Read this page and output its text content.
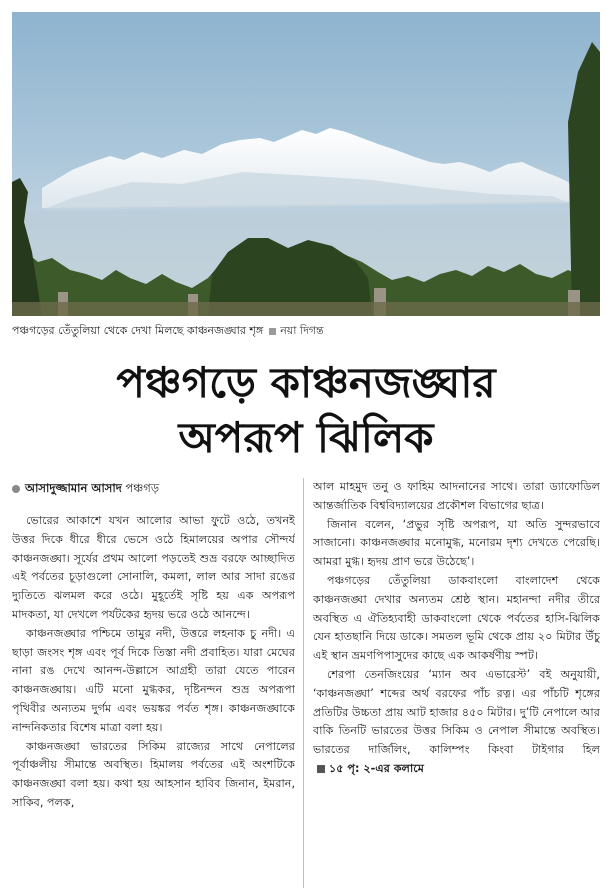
পঞ্চগড়ের তেঁতুলিয়া থেকে দেখা মিলছে কাঞ্চনজঙ্ঘার শৃঙ্গ নয়া দিগন্ত
পঞ্চগড়ে কাঞ্চনজঙ্ঘার
অপরূপ ঝিলিক
আসাদুজ্জামান আসাদ পঞ্চগড়

ভোরের আকাশে যখন আলোর আভা ফুটে ওঠে, তখনই উত্তর দিকে ধীরে ধীরে ভেসে ওঠে হিমালয়ের অপার সৌন্দর্য কাঞ্চনজঙ্ঘা। সূর্যের প্রথম আলো পড়তেই শুভ্র বরফে আচ্ছাদিত এই পর্বতের চূড়াগুলো সোনালি, কমলা, লাল আর সাদা রঙের দ্যুতিতে ঝলমল করে ওঠে। মুহূর্তেই সৃষ্টি হয় এক অপরূপ মাদকতা, যা দেখলে পর্যটকের হৃদয় ভরে ওঠে আনন্দে।

কাঞ্চনজঙ্ঘার পশ্চিমে তামুর নদী, উত্তরে লহনাক চু নদী। এ ছাড়া জংসং শৃঙ্গ এবং পূর্ব দিকে তিস্তা নদী প্রবাহিত। যারা মেঘের নানা রঙ দেখে আনন্দ-উল্লাসে আগ্রহী তারা যেতে পারেন কাঞ্চনজঙ্ঘায়। এটি মনো মুগ্ধকর, দৃষ্টিনন্দন শুভ্র অপরূপা পৃথিবীর অন্যতম দুর্গম এবং ভয়ঙ্কর পর্বত শৃঙ্গ। কাঞ্চনজঙ্ঘাকে নান্দনিকতার বিশেষ মাত্রা বলা হয়।

কাঞ্চনজঙ্ঘা ভারতের সিকিম রাজ্যের সাথে নেপালের পূর্বাঞ্চলীয় সীমান্তে অবস্থিত। হিমালয় পর্বতের এই অংশটিকে কাঞ্চনজঙ্ঘা বলা হয়। কথা হয় আহসান হাবিব জিনান, ইমরান, সাকিব, পলক,

আল মাহমুদ তনু ও ফাহিম আদনানের সাথে। তারা ড্যাফোডিল আন্তর্জাতিক বিশ্ববিদ্যালয়ের প্রকৌশল বিভাগের ছাত্র।

জিনান বলেন, ‘প্রভুর সৃষ্টি অপরূপ, যা অতি সুন্দরভাবে সাজানো। কাঞ্চনজঙ্ঘার মনোমুগ্ধ, মনোরম দৃশ্য দেখতে পেরেছি। আমরা মুগ্ধ। হৃদয় প্রাণ ভরে উঠেছে’।

পঞ্চগড়ের তেঁতুলিয়া ডাকবাংলো বাংলাদেশ থেকে কাঞ্চনজঙ্ঘা দেখার অন্যতম শ্রেষ্ঠ স্থান। মহানন্দা নদীর তীরে অবস্থিত এ ঐতিহ্যবাহী ডাকবাংলো থেকে পর্বতের হাসি-ঝিলিক যেন হাতছানি দিয়ে ডাকে। সমতল ভূমি থেকে প্রায় ২০ মিটার উঁচু এই স্থান ভ্রমণপিপাসুদের কাছে এক আকর্ষণীয় স্পট।

শেরপা তেনজিংয়ের ‘ম্যান অব এভারেস্ট’ বই অনুযায়ী, ‘কাঞ্চনজঙ্ঘা’ শব্দের অর্থ বরফের পাঁচ রত্ন। এর পাঁচটি শৃঙ্গের প্রতিটির উচ্চতা প্রায় আট হাজার ৪৫০ মিটার। দু’টি নেপালে আর বাকি তিনটি ভারতের উত্তর সিকিম ও নেপাল সীমান্তে অবস্থিত। ভারতের দার্জিলিং, কালিম্পং কিংবা টাইগার হিল ১৫ পৃ: ২-এর কলামে
